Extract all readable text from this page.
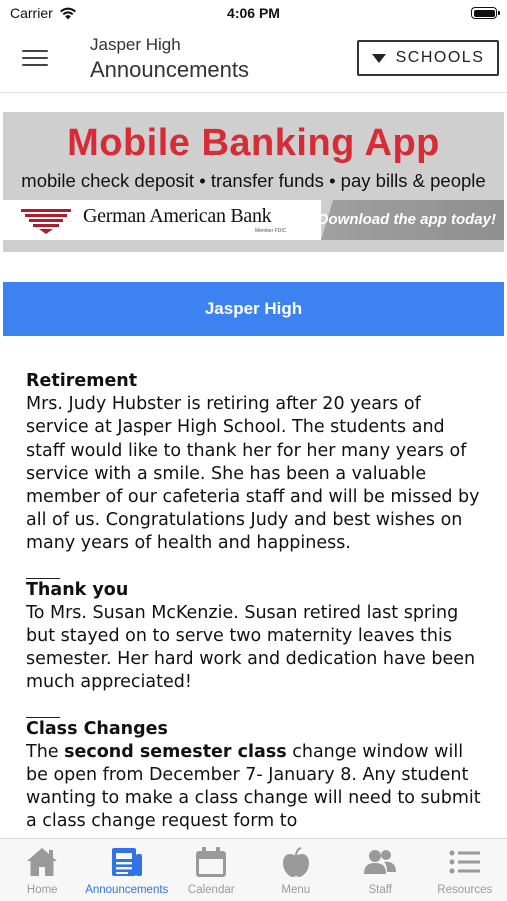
Carrier	4:06 PM
Jasper High
Announcements	SCHOOLS
Mobile Banking App
mobile check deposit • transfer funds • pay bills & people
German American Bank
Member FDIC
Download the app today!
Jasper High
Retirement

Mrs. Judy Hubster is retiring after 20 years of service at Jasper High School. The students and staff would like to thank her for her many years of service with a smile. She has been a valuable member of our cafeteria staff and will be missed by all of us. Congratulations Judy and best wishes on many years of health and happiness.

Thank you

To Mrs. Susan McKenzie. Susan retired last spring but stayed on to serve two maternity leaves this semester. Her hard work and dedication have been much appreciated!

Class Changes

The second semester class change window will be open from December 7- January 8. Any student wanting to make a class change will need to submit a class change request form to

Home Announcements Calendar	Menu	Staff	Resources
